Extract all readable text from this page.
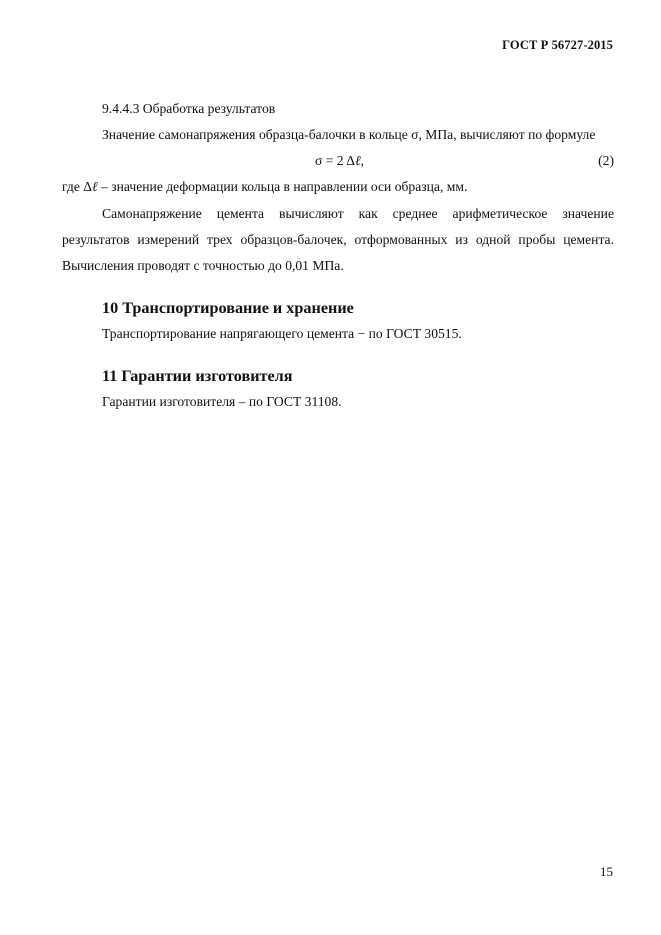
ГОСТ Р 56727-2015

9.4.4.3 Обработка результатов

Значение самонапряжения образца-балочки в кольце σ, МПа, вычисляют по формуле

σ = 2 Δℓ,	(2)

где Δℓ – значение деформации кольца в направлении оси образца, мм.

Самонапряжение цемента вычисляют как среднее арифметическое значение результатов измерений трех образцов-балочек, отформованных из одной пробы цемента. Вычисления проводят с точностью до 0,01 МПа.

10 Транспортирование и хранение

Транспортирование напрягающего цемента − по ГОСТ 30515.

11 Гарантии изготовителя

Гарантии изготовителя – по ГОСТ 31108.

15
